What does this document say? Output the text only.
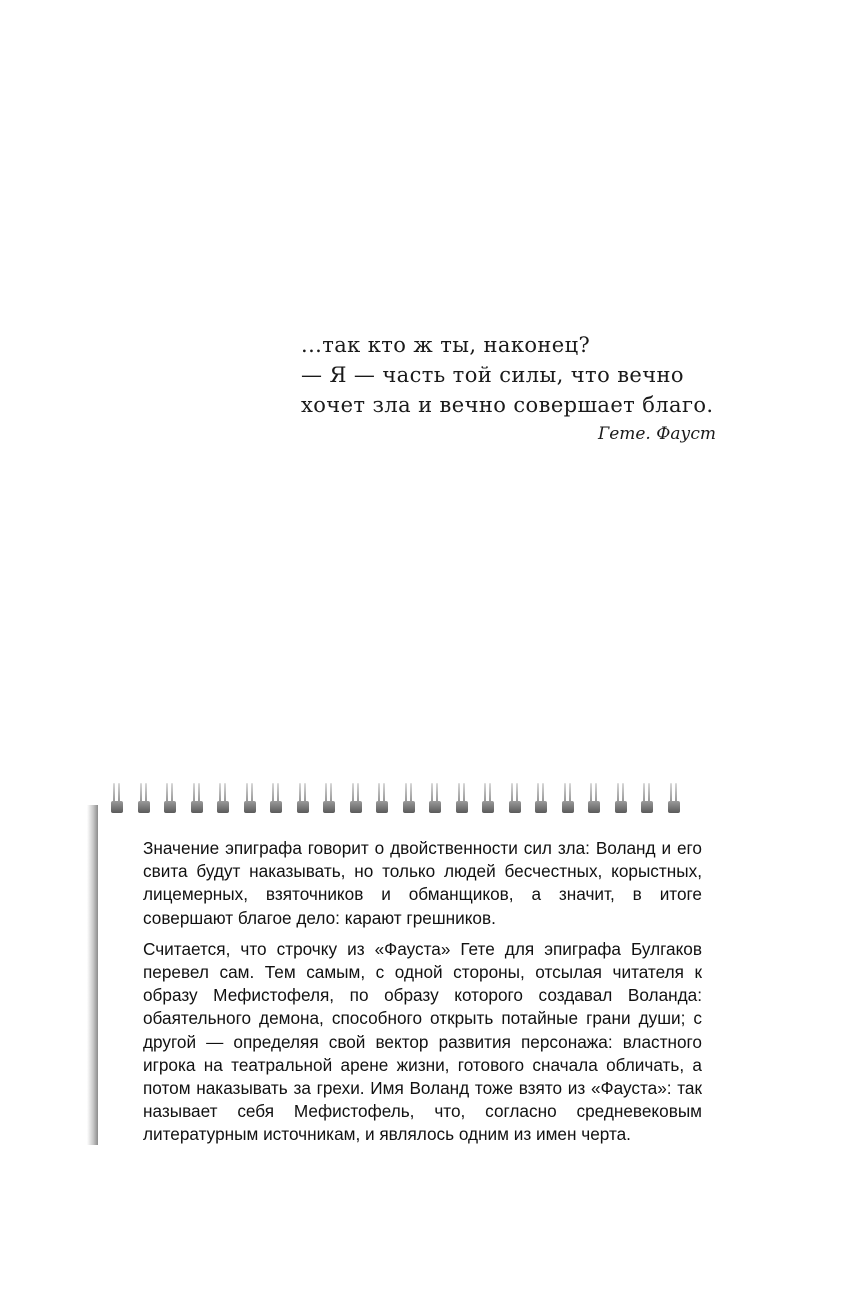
...так кто ж ты, наконец?
— Я — часть той силы, что вечно
хочет зла и вечно совершает благо.
Гете. Фауст

Значение эпиграфа говорит о двойственности сил зла: Воланд и его свита будут наказывать, но только людей бесчестных, корыстных, лицемерных, взяточников и обманщиков, а значит, в итоге совершают благое дело: карают грешников.

Считается, что строчку из «Фауста» Гете для эпиграфа Булгаков перевел сам. Тем самым, с одной стороны, отсылая читателя к образу Мефистофеля, по образу которого создавал Воланда: обаятельного демона, способного открыть потайные грани души; с другой — определяя свой вектор развития персонажа: властного игрока на театральной арене жизни, готового сначала обличать, а потом наказывать за грехи. Имя Воланд тоже взято из «Фауста»: так называет себя Мефистофель, что, согласно средневековым литературным источникам, и являлось одним из имен черта.
